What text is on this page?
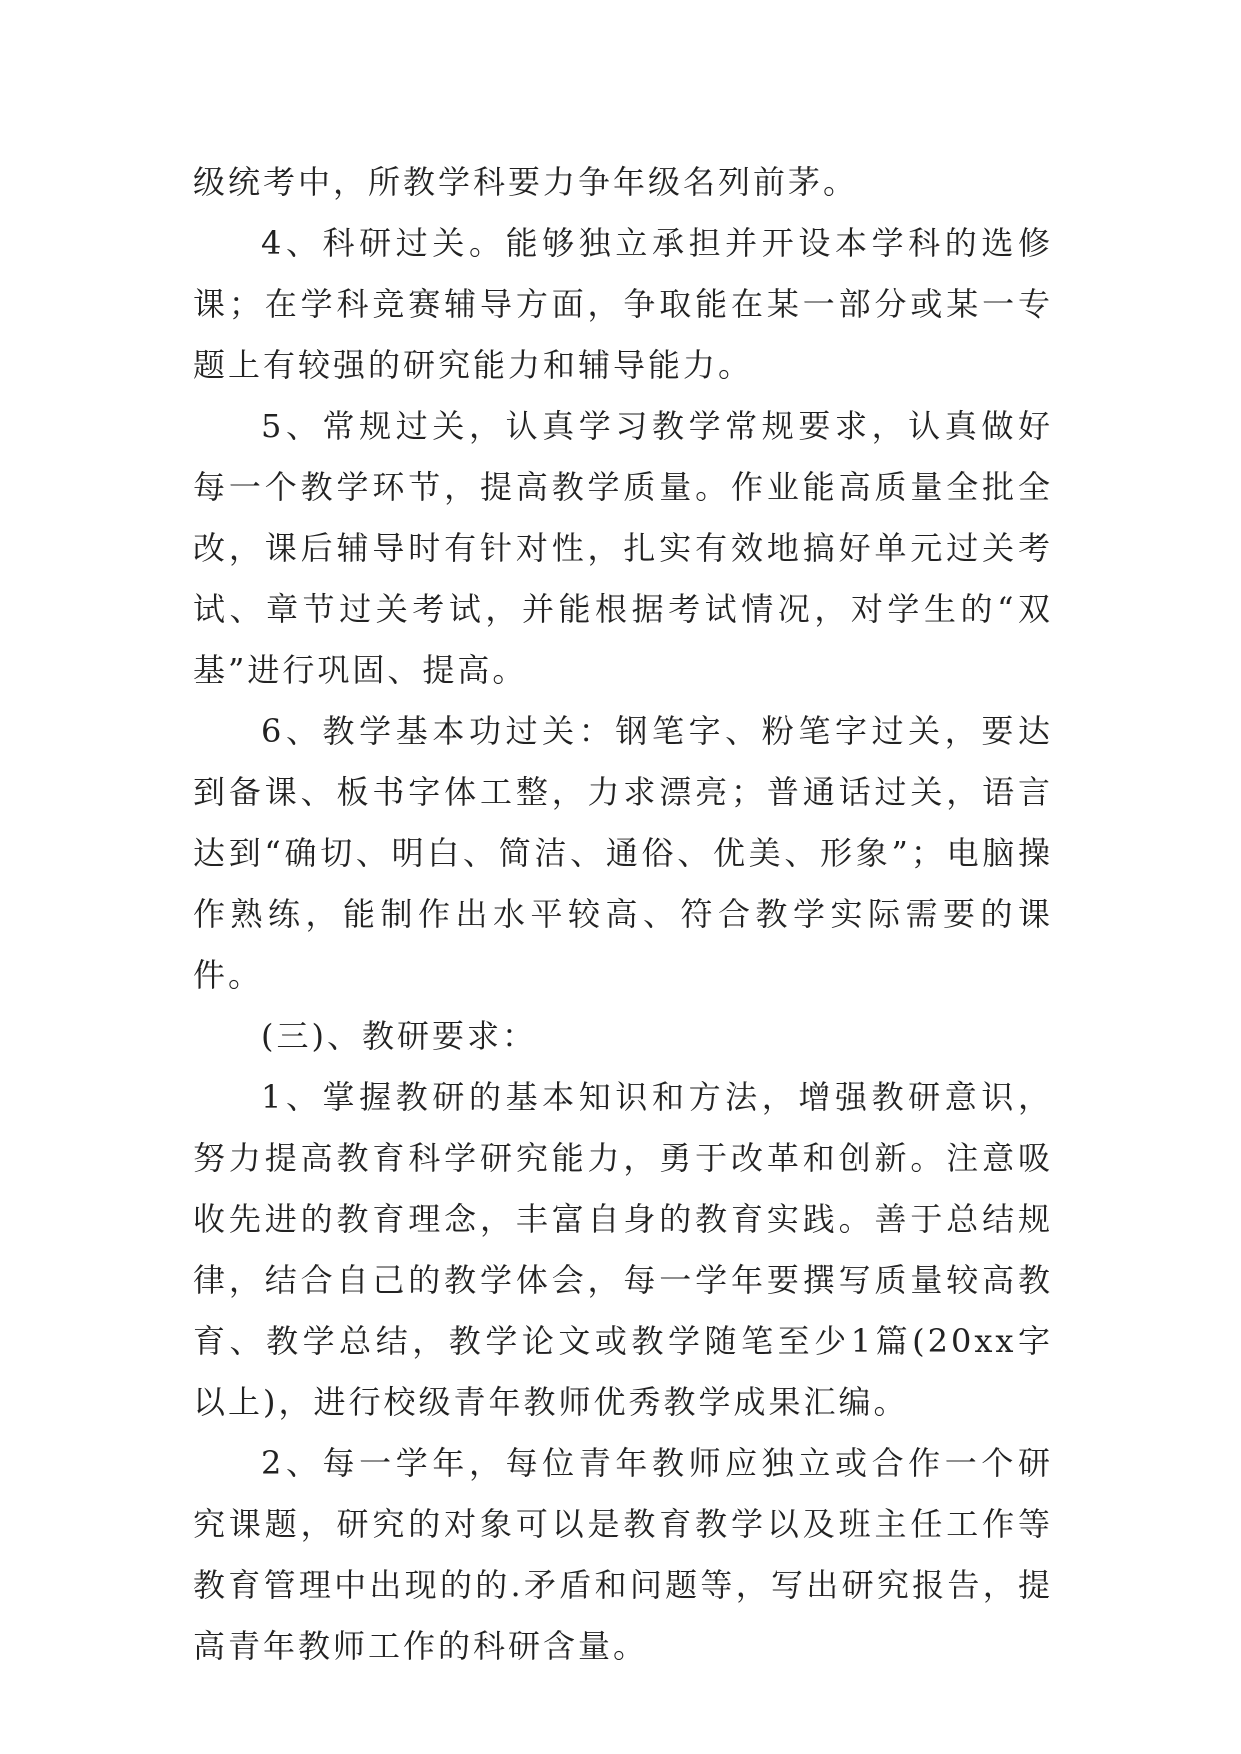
级统考中，所教学科要力争年级名列前茅。

4、科研过关。能够独立承担并开设本学科的选修课；在学科竞赛辅导方面，争取能在某一部分或某一专题上有较强的研究能力和辅导能力。

5、常规过关，认真学习教学常规要求，认真做好每一个教学环节，提高教学质量。作业能高质量全批全改，课后辅导时有针对性，扎实有效地搞好单元过关考试、章节过关考试，并能根据考试情况，对学生的“双基”进行巩固、提高。

6、教学基本功过关：钢笔字、粉笔字过关，要达到备课、板书字体工整，力求漂亮；普通话过关，语言达到“确切、明白、简洁、通俗、优美、形象”；电脑操作熟练，能制作出水平较高、符合教学实际需要的课件。

(三)、教研要求：

1、掌握教研的基本知识和方法，增强教研意识，努力提高教育科学研究能力，勇于改革和创新。注意吸收先进的教育理念，丰富自身的教育实践。善于总结规律，结合自己的教学体会，每一学年要撰写质量较高教育、教学总结，教学论文或教学随笔至少1篇(20xx字以上)，进行校级青年教师优秀教学成果汇编。

2、每一学年，每位青年教师应独立或合作一个研究课题，研究的对象可以是教育教学以及班主任工作等教育管理中出现的的.矛盾和问题等，写出研究报告，提高青年教师工作的科研含量。
